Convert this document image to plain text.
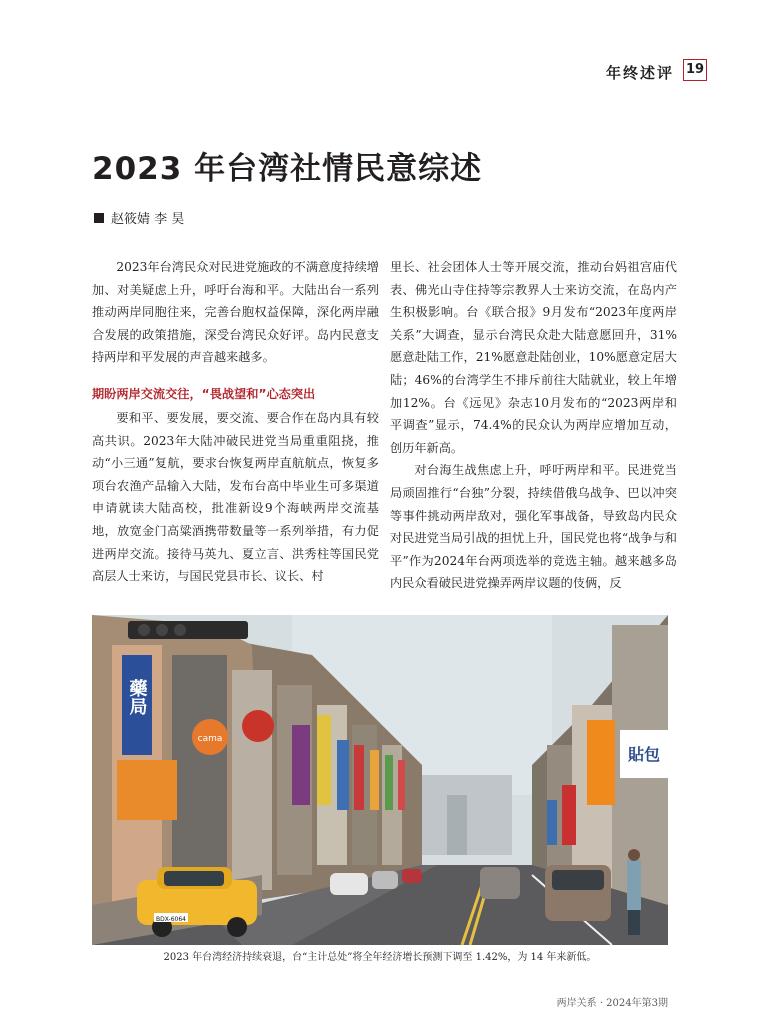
年终述评 19
2023 年台湾社情民意综述
赵筱婧 李 昊

2023年台湾民众对民进党施政的不满意度持续增加、对美疑虑上升，呼吁台海和平。大陆出台一系列推动两岸同胞往来，完善台胞权益保障，深化两岸融合发展的政策措施，深受台湾民众好评。岛内民意支持两岸和平发展的声音越来越多。

期盼两岸交流交往，“畏战望和”心态突出

要和平、要发展，要交流、要合作在岛内具有较高共识。2023年大陆冲破民进党当局重重阻挠，推动“小三通”复航，要求台恢复两岸直航航点，恢复多项台农渔产品输入大陆，发布台高中毕业生可多渠道申请就读大陆高校，批准新设9个海峡两岸交流基地，放宽金门高粱酒携带数量等一系列举措，有力促进两岸交流。接待马英九、夏立言、洪秀柱等国民党高层人士来访，与国民党县市长、议长、村

里长、社会团体人士等开展交流，推动台妈祖宫庙代表、佛光山寺住持等宗教界人士来访交流，在岛内产生积极影响。台《联合报》9月发布“2023年度两岸关系”大调查，显示台湾民众赴大陆意愿回升，31%愿意赴陆工作，21%愿意赴陆创业，10%愿意定居大陆；46%的台湾学生不排斥前往大陆就业，较上年增加12%。台《远见》杂志10月发布的“2023两岸和平调查”显示，74.4%的民众认为两岸应增加互动，创历年新高。

对台海生战焦虑上升，呼吁两岸和平。民进党当局顽固推行“台独”分裂，持续借俄乌战争、巴以冲突等事件挑动两岸敌对，强化军事战备，导致岛内民众对民进党当局引战的担忧上升，国民党也将“战争与和平”作为2024年台两项选举的竞选主轴。越来越多岛内民众看破民进党操弄两岸议题的伎俩，反

藥局
cama
貼包
BDX-6064
2023 年台湾经济持续衰退，台“主计总处”将全年经济增长预测下调至 1.42%，为 14 年来新低。
两岸关系 · 2024年第3期
